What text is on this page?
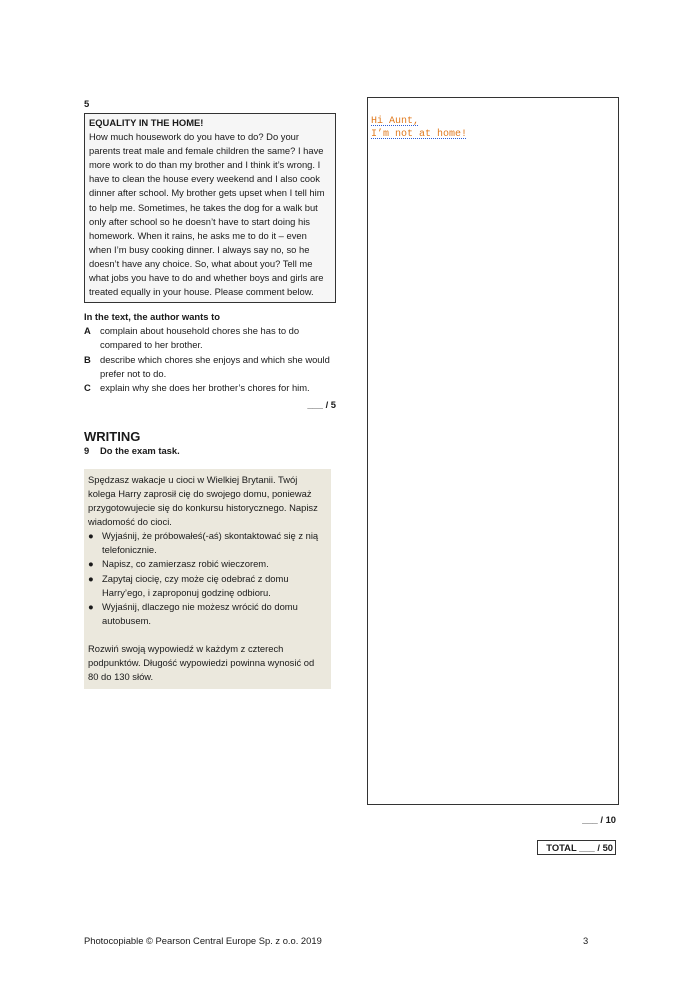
5
EQUALITY IN THE HOME!
How much housework do you have to do? Do your parents treat male and female children the same? I have more work to do than my brother and I think it’s wrong. I have to clean the house every weekend and I also cook dinner after school. My brother gets upset when I tell him to help me. Sometimes, he takes the dog for a walk but only after school so he doesn’t have to start doing his homework. When it rains, he asks me to do it – even when I’m busy cooking dinner. I always say no, so he doesn’t have any choice. So, what about you? Tell me what jobs you have to do and whether boys and girls are treated equally in your house. Please comment below.
In the text, the author wants to
A complain about household chores she has to do compared to her brother.
B describe which chores she enjoys and which she would prefer not to do.
C explain why she does her brother’s chores for him.
___ / 5
WRITING
9	Do the exam task.
Spędzasz wakacje u cioci w Wielkiej Brytanii. Twój kolega Harry zaprosił cię do swojego domu, ponieważ przygotowujecie się do konkursu historycznego. Napisz wiadomość do cioci.
● Wyjaśnij, że próbowałeś(-aś) skontaktować się z nią telefonicznie.
● Napisz, co zamierzasz robić wieczorem.
● Zapytaj ciocię, czy może cię odebrać z domu Harry’ego, i zaproponuj godzinę odbioru.
● Wyjaśnij, dlaczego nie możesz wrócić do domu autobusem.
Rozwiń swoją wypowiedź w każdym z czterech podpunktów. Długość wypowiedzi powinna wynosić od 80 do 130 słów.
Hi Aunt,
I’m not at home!
___ / 10
TOTAL ___ / 50
Photocopiable © Pearson Central Europe Sp. z o.o. 2019	3
